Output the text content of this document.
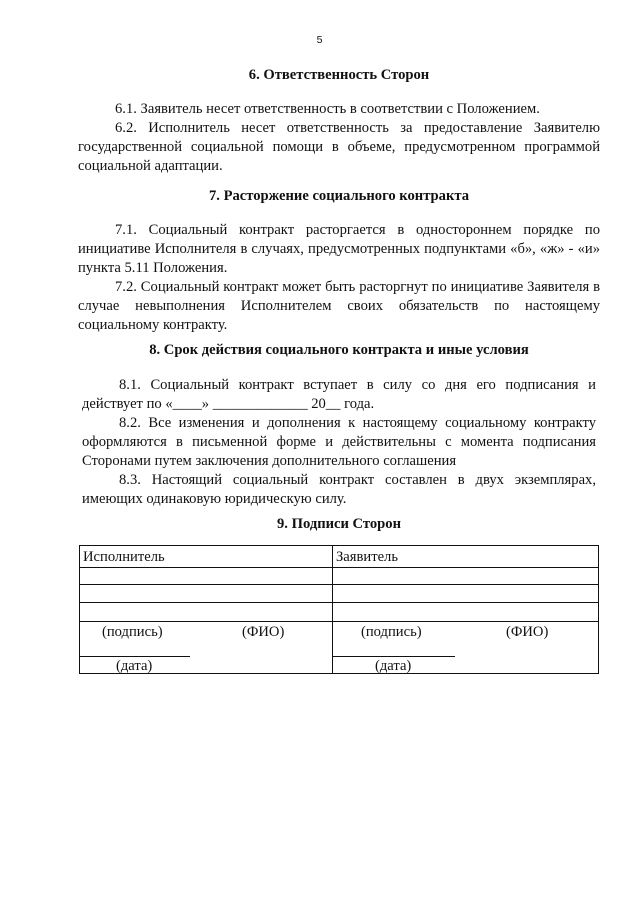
5
6. Ответственность Сторон

6.1. Заявитель несет ответственность в соответствии с Положением.

6.2. Исполнитель несет ответственность за предоставление Заявителю государственной социальной помощи в объеме, предусмотренном программой социальной адаптации.

7. Расторжение социального контракта

7.1. Социальный контракт расторгается в одностороннем порядке по инициативе Исполнителя в случаях, предусмотренных подпунктами «б», «ж» - «и» пункта 5.11 Положения.

7.2. Социальный контракт может быть расторгнут по инициативе Заявителя в случае невыполнения Исполнителем своих обязательств по настоящему социальному контракту.

8. Срок действия социального контракта и иные условия

8.1. Социальный контракт вступает в силу со дня его подписания и действует по «____» _____________ 20__ года.

8.2. Все изменения и дополнения к настоящему социальному контракту оформляются в письменной форме и действительны с момента подписания Сторонами путем заключения дополнительного соглашения

8.3. Настоящий социальный контракт составлен в двух экземплярах, имеющих одинаковую юридическую силу.

9. Подписи Сторон

Исполнитель

(подпись)	(ФИО)

(дата)

Заявитель

(подпись)	(ФИО)

(дата)
